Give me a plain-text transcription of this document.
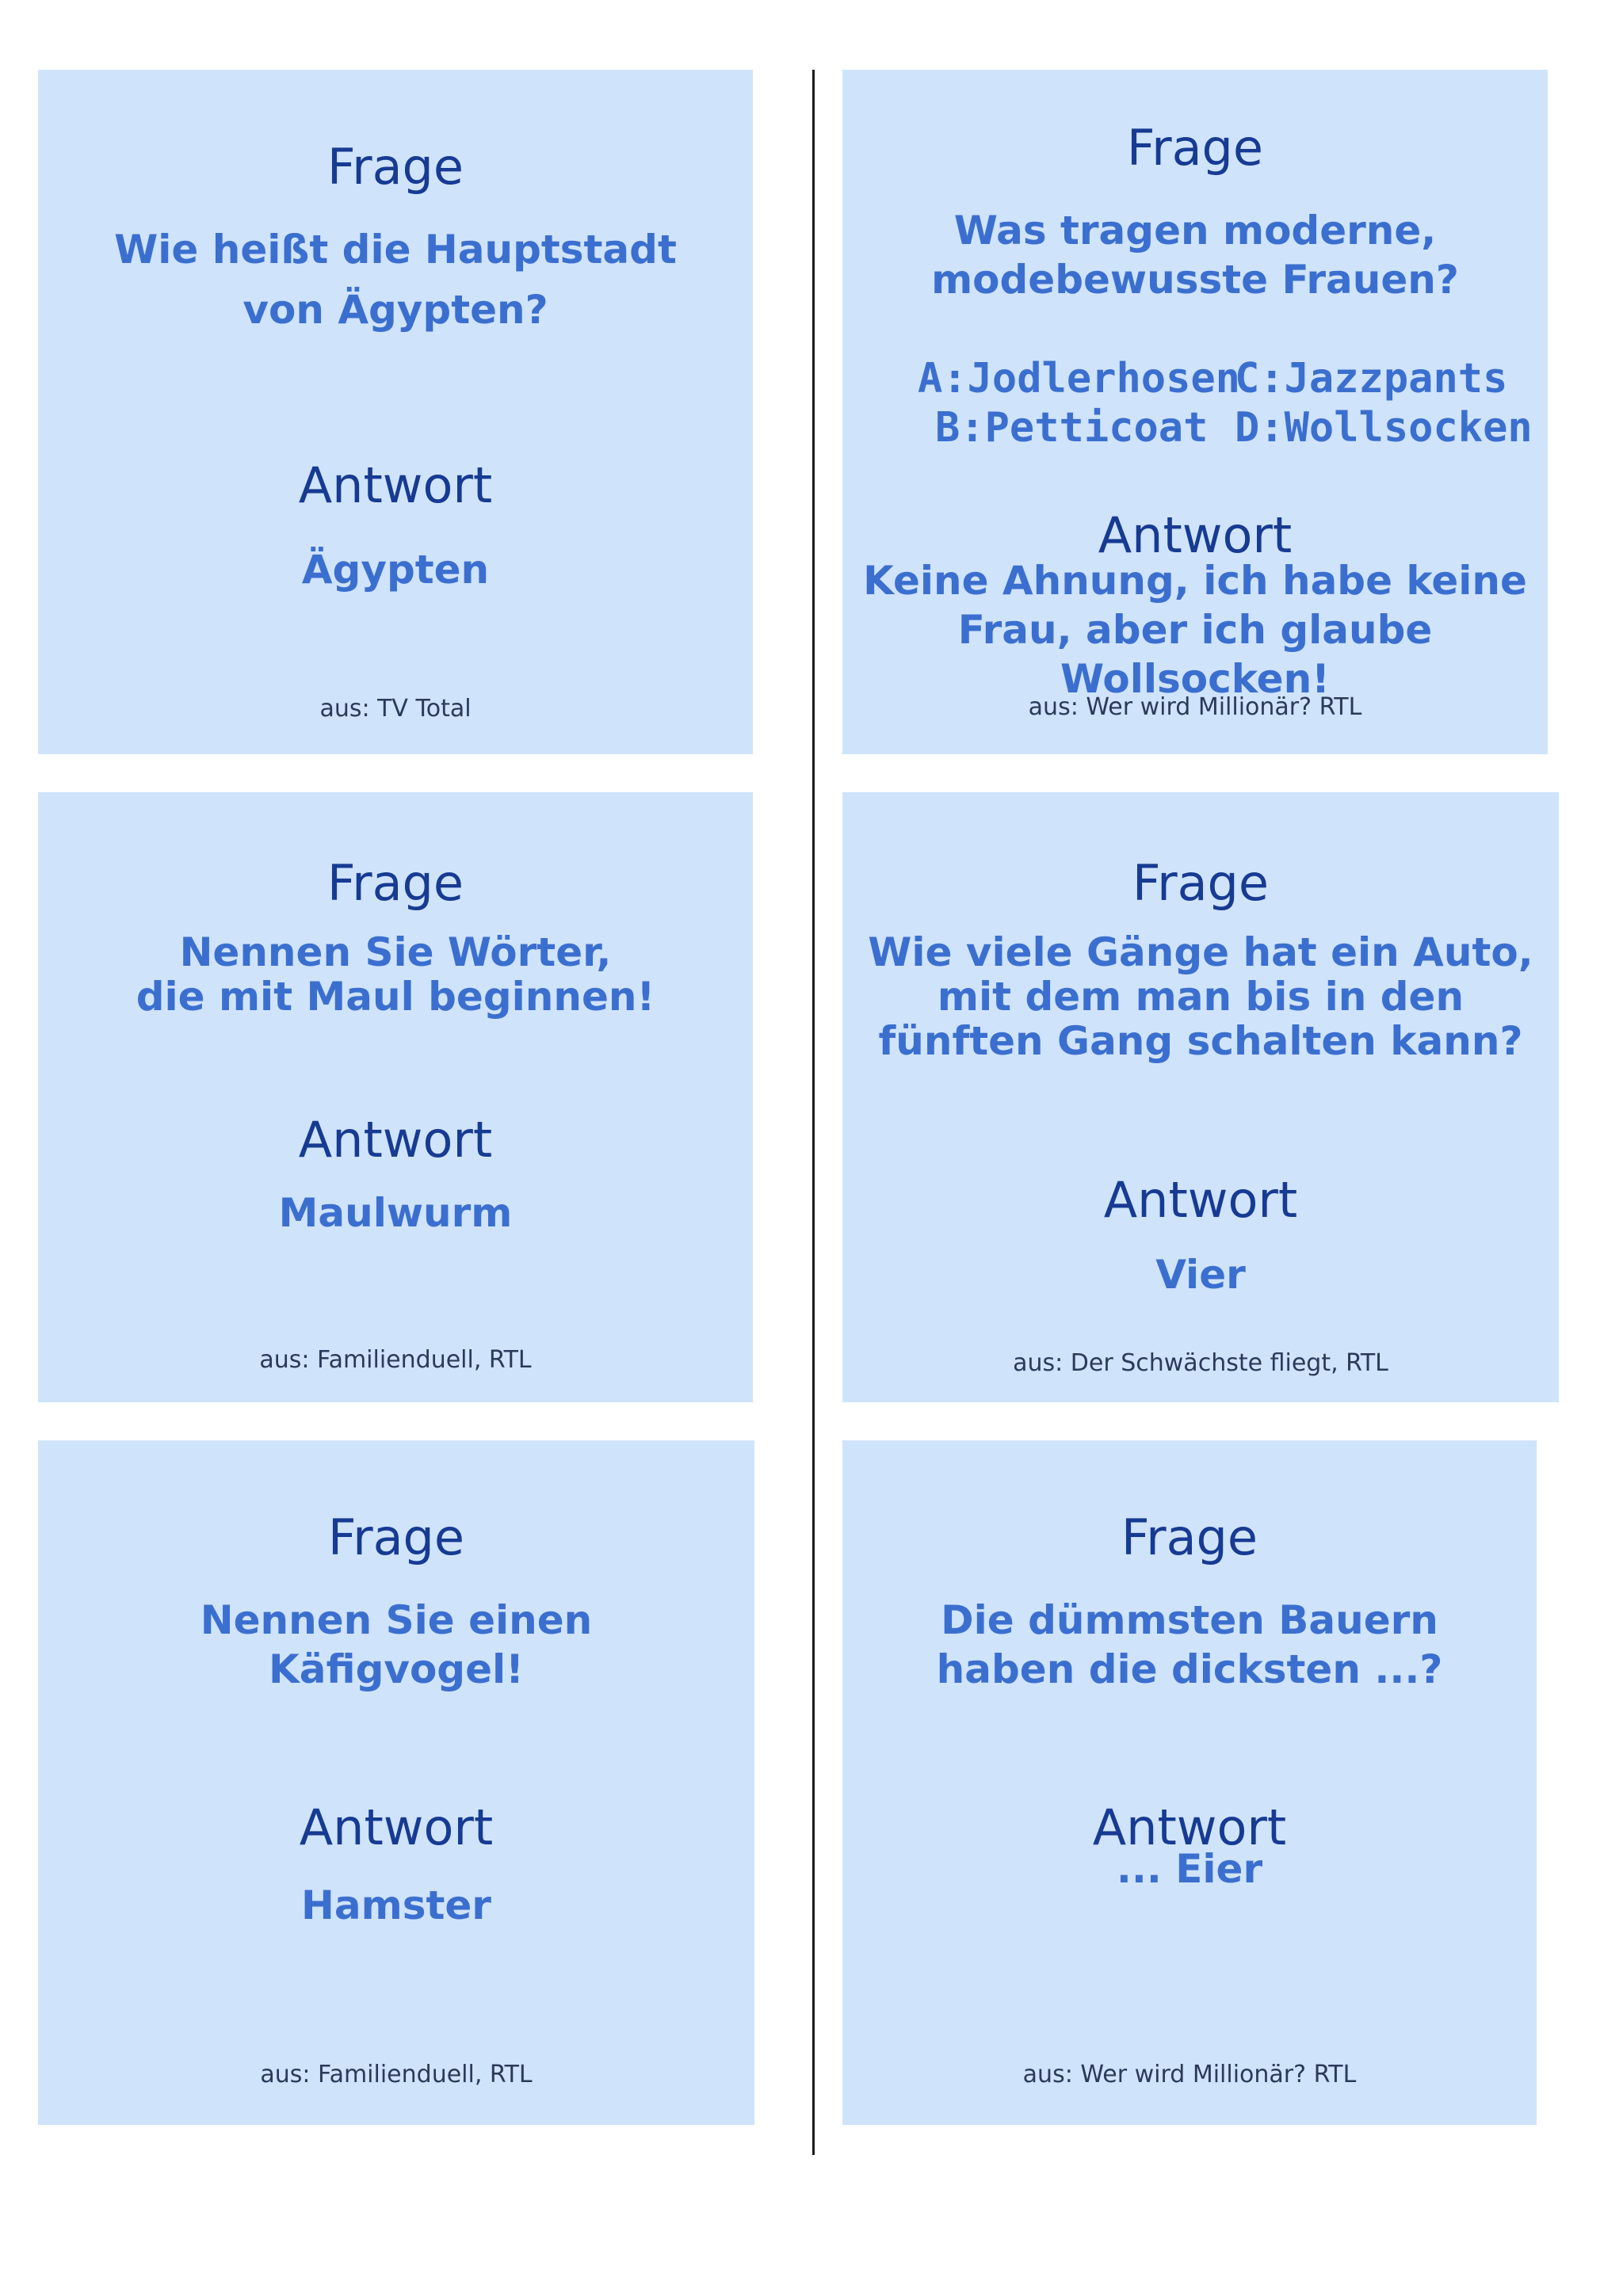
Frage
Wie heißt die Hauptstadt
von Ägypten?
Antwort
Ägypten
aus: TV Total
Frage
Was tragen moderne,
modebewusste Frauen?
Antwort
Keine Ahnung, ich habe keine
Frau, aber ich glaube Wollsocken!
aus: Wer wird Millionär? RTL
A:Jodlerhosen
B:Petticoat
C:Jazzpants
D:Wollsocken
Frage
Nennen Sie Wörter,
die mit Maul beginnen!
Antwort
Maulwurm
aus: Familienduell, RTL
Frage
Wie viele Gänge hat ein Auto,
mit dem man bis in den
fünften Gang schalten kann?
Antwort
Vier
aus: Der Schwächste fliegt, RTL
Frage
Nennen Sie einen
Käfigvogel!
Antwort
Hamster
aus: Familienduell, RTL
Frage
Die dümmsten Bauern
haben die dicksten ...?
Antwort
... Eier
aus: Wer wird Millionär? RTL
